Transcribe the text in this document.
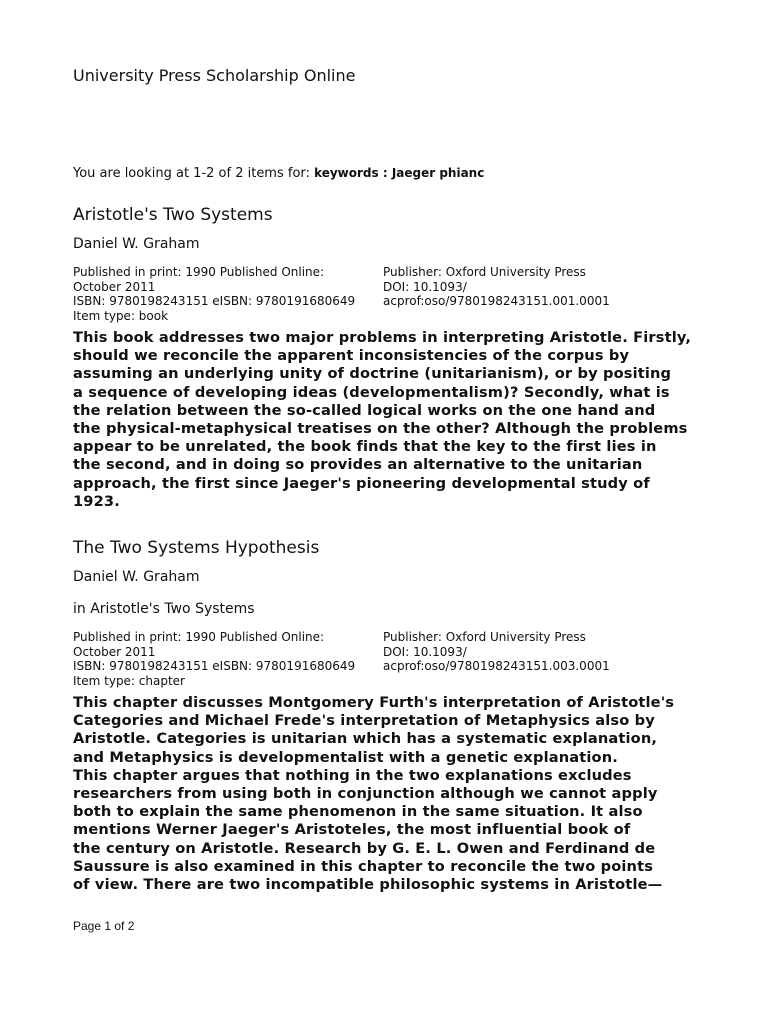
University Press Scholarship Online
You are looking at 1-2 of 2 items for: keywords : Jaeger phianc
Aristotle's Two Systems
Daniel W. Graham
Published in print: 1990 Published Online:
October 2011
ISBN: 9780198243151 eISBN: 9780191680649
Item type: book
Publisher: Oxford University Press
DOI: 10.1093/
acprof:oso/9780198243151.001.0001
This book addresses two major problems in interpreting Aristotle. Firstly,
should we reconcile the apparent inconsistencies of the corpus by
assuming an underlying unity of doctrine (unitarianism), or by positing
a sequence of developing ideas (developmentalism)? Secondly, what is
the relation between the so-called logical works on the one hand and
the physical-metaphysical treatises on the other? Although the problems
appear to be unrelated, the book finds that the key to the first lies in
the second, and in doing so provides an alternative to the unitarian
approach, the first since Jaeger's pioneering developmental study of
1923.
The Two Systems Hypothesis
Daniel W. Graham
in Aristotle's Two Systems
Published in print: 1990 Published Online:
October 2011
ISBN: 9780198243151 eISBN: 9780191680649
Item type: chapter
Publisher: Oxford University Press
DOI: 10.1093/
acprof:oso/9780198243151.003.0001
This chapter discusses Montgomery Furth's interpretation of Aristotle's
Categories and Michael Frede's interpretation of Metaphysics also by
Aristotle. Categories is unitarian which has a systematic explanation,
and Metaphysics is developmentalist with a genetic explanation.
This chapter argues that nothing in the two explanations excludes
researchers from using both in conjunction although we cannot apply
both to explain the same phenomenon in the same situation. It also
mentions Werner Jaeger's Aristoteles, the most influential book of
the century on Aristotle. Research by G. E. L. Owen and Ferdinand de
Saussure is also examined in this chapter to reconcile the two points
of view. There are two incompatible philosophic systems in Aristotle—
Page 1 of 2
